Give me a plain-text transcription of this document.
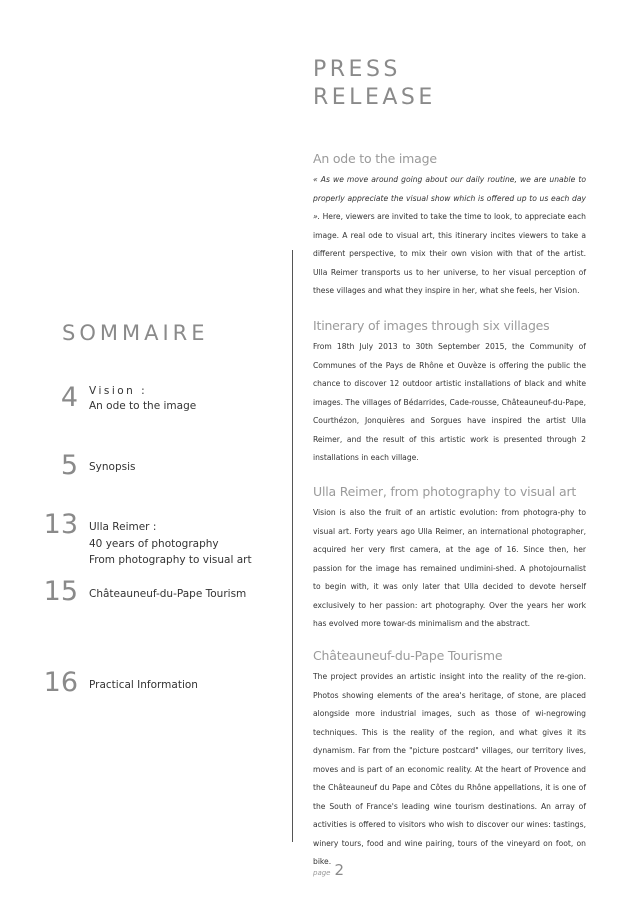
PRESS
RELEASE
SOMMAIRE
4 Vision :
An ode to the image
5 Synopsis
13 Ulla Reimer :
40 years of photography
From photography to visual art
15 Châteauneuf-du-Pape Tourism
16 Practical Information
An ode to the image
« As we move around going about our daily routine, we are unable to properly appreciate the visual show which is offered up to us each day ». Here, viewers are invited to take the time to look, to appreciate each image. A real ode to visual art, this itinerary incites viewers to take a different perspective, to mix their own vision with that of the artist. Ulla Reimer transports us to her universe, to her visual perception of these villages and what they inspire in her, what she feels, her Vision.
Itinerary of images through six villages
From 18th July 2013 to 30th September 2015, the Community of Communes of the Pays de Rhône et Ouvèze is offering the public the chance to discover 12 outdoor artistic installations of black and white images. The villages of Bédarrides, Cade-rousse, Châteauneuf-du-Pape, Courthézon, Jonquières and Sorgues have inspired the artist Ulla Reimer, and the result of this artistic work is presented through 2 installations in each village.
Ulla Reimer, from photography to visual art
Vision is also the fruit of an artistic evolution: from photogra-phy to visual art. Forty years ago Ulla Reimer, an international photographer, acquired her very first camera, at the age of 16. Since then, her passion for the image has remained undimini-shed. A photojournalist to begin with, it was only later that Ulla decided to devote herself exclusively to her passion: art photography. Over the years her work has evolved more towar-ds minimalism and the abstract.
Châteauneuf-du-Pape Tourisme
The project provides an artistic insight into the reality of the re-gion. Photos showing elements of the area's heritage, of stone, are placed alongside more industrial images, such as those of wi-negrowing techniques. This is the reality of the region, and what gives it its dynamism. Far from the "picture postcard" villages, our territory lives, moves and is part of an economic reality. At the heart of Provence and the Châteauneuf du Pape and Côtes du Rhône appellations, it is one of the South of France's leading wine tourism destinations. An array of activities is offered to visitors who wish to discover our wines: tastings, winery tours, food and wine pairing, tours of the vineyard on foot, on bike.
page 2
